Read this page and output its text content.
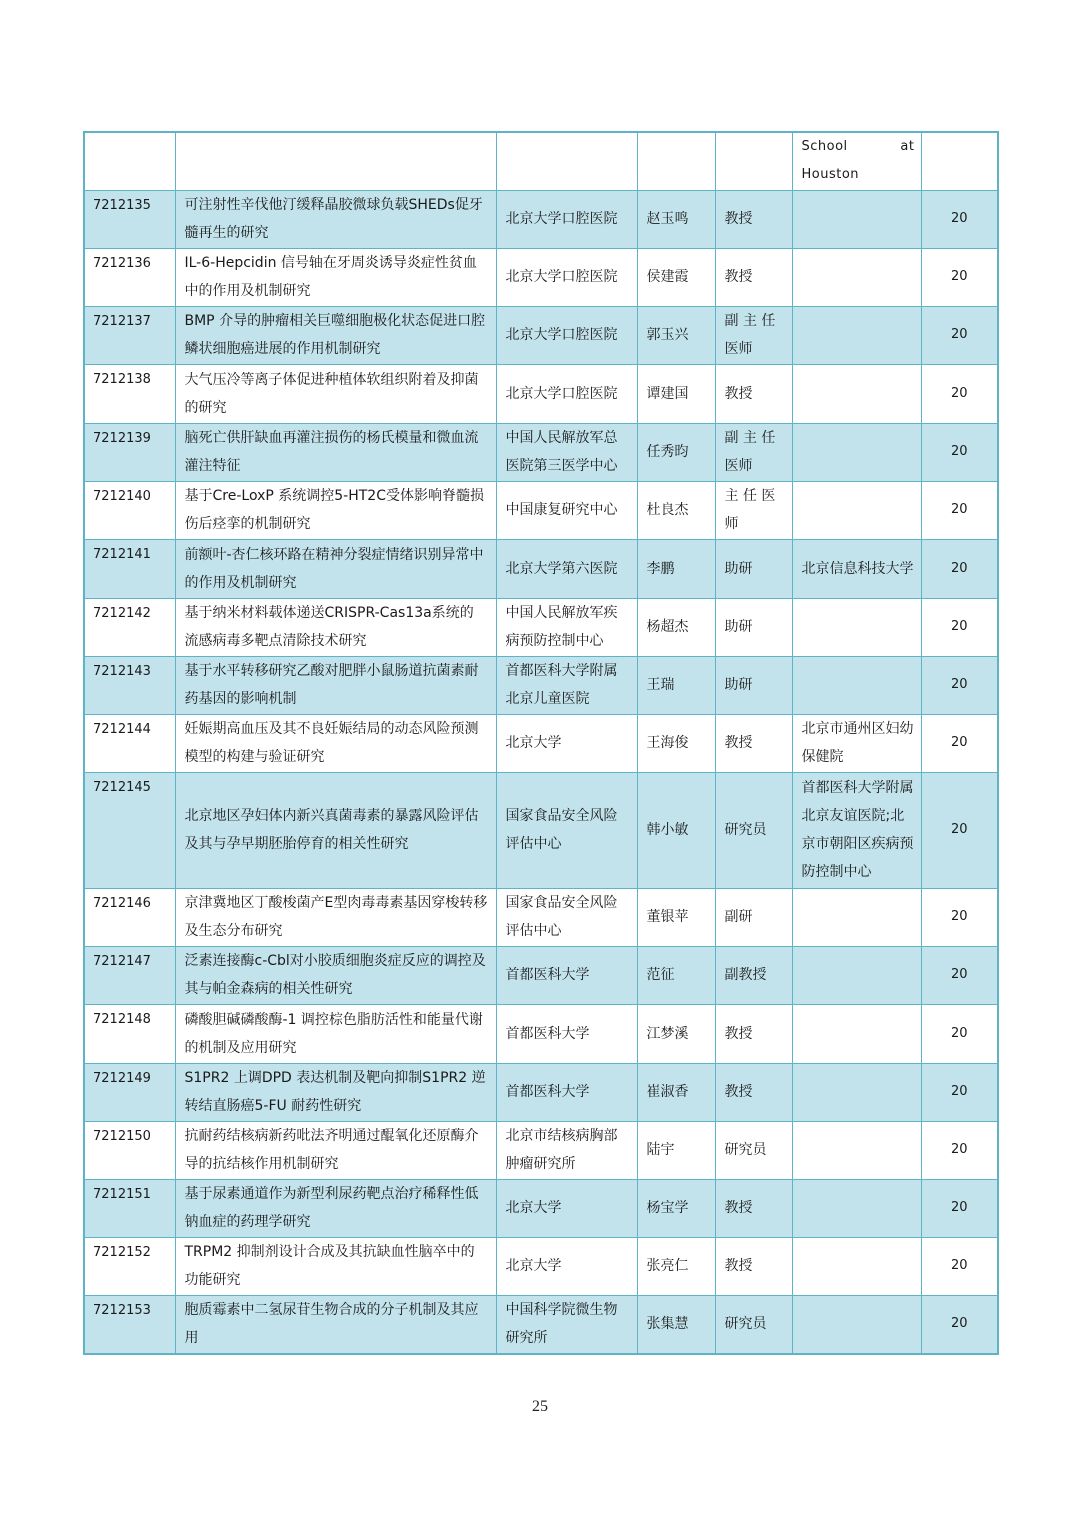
					School at
Houston	

7212135	可注射性辛伐他汀缓释晶胶微球负载SHEDs促牙髓再生的研究	北京大学口腔医院	赵玉鸣	教授		20
7212136	IL-6-Hepcidin 信号轴在牙周炎诱导炎症性贫血中的作用及机制研究	北京大学口腔医院	侯建霞	教授		20
7212137	BMP 介导的肿瘤相关巨噬细胞极化状态促进口腔鳞状细胞癌进展的作用机制研究	北京大学口腔医院	郭玉兴	副 主 任医师		20
7212138	大气压冷等离子体促进种植体软组织附着及抑菌的研究	北京大学口腔医院	谭建国	教授		20
7212139	脑死亡供肝缺血再灌注损伤的杨氏模量和微血流灌注特征	中国人民解放军总医院第三医学中心	任秀昀	副 主 任医师		20
7212140	基于Cre-LoxP 系统调控5-HT2C受体影响脊髓损伤后痉挛的机制研究	中国康复研究中心	杜良杰	主 任 医师		20
7212141	前额叶-杏仁核环路在精神分裂症情绪识别异常中的作用及机制研究	北京大学第六医院	李鹏	助研	北京信息科技大学	20
7212142	基于纳米材料载体递送CRISPR-Cas13a系统的流感病毒多靶点清除技术研究	中国人民解放军疾病预防控制中心	杨超杰	助研		20
7212143	基于水平转移研究乙酸对肥胖小鼠肠道抗菌素耐药基因的影响机制	首都医科大学附属北京儿童医院	王瑞	助研		20
7212144	妊娠期高血压及其不良妊娠结局的动态风险预测模型的构建与验证研究	北京大学	王海俊	教授	北京市通州区妇幼保健院	20
7212145	北京地区孕妇体内新兴真菌毒素的暴露风险评估及其与孕早期胚胎停育的相关性研究	国家食品安全风险评估中心	韩小敏	研究员	首都医科大学附属北京友谊医院;北京市朝阳区疾病预防控制中心	20
7212146	京津冀地区丁酸梭菌产E型肉毒毒素基因穿梭转移及生态分布研究	国家食品安全风险评估中心	董银苹	副研		20
7212147	泛素连接酶c-Cbl对小胶质细胞炎症反应的调控及其与帕金森病的相关性研究	首都医科大学	范征	副教授		20
7212148	磷酸胆碱磷酸酶-1 调控棕色脂肪活性和能量代谢的机制及应用研究	首都医科大学	江梦溪	教授		20
7212149	S1PR2 上调DPD 表达机制及靶向抑制S1PR2 逆转结直肠癌5-FU 耐药性研究	首都医科大学	崔淑香	教授		20
7212150	抗耐药结核病新药吡法齐明通过醌氧化还原酶介导的抗结核作用机制研究	北京市结核病胸部肿瘤研究所	陆宇	研究员		20
7212151	基于尿素通道作为新型利尿药靶点治疗稀释性低钠血症的药理学研究	北京大学	杨宝学	教授		20
7212152	TRPM2 抑制剂设计合成及其抗缺血性脑卒中的功能研究	北京大学	张亮仁	教授		20
7212153	胞质霉素中二氢尿苷生物合成的分子机制及其应用	中国科学院微生物研究所	张集慧	研究员		20
25
